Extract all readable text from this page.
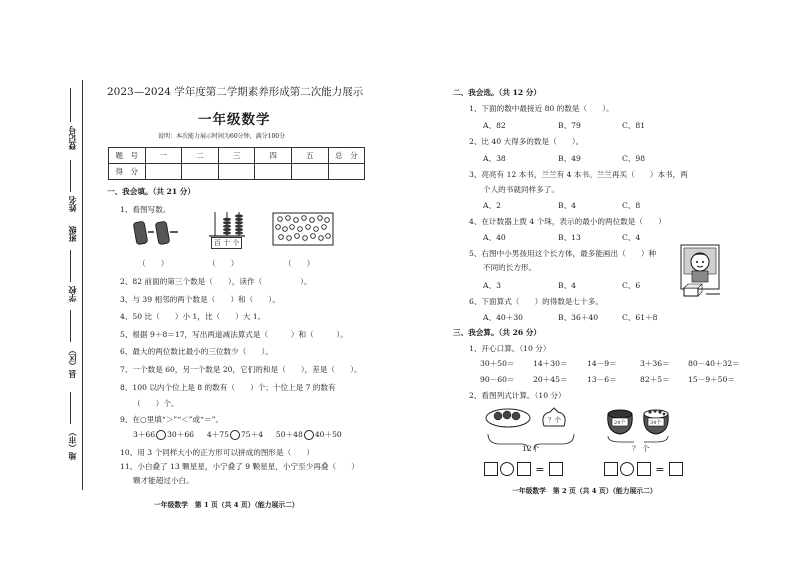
登记号
姓名
班级
学校
县（区）
地（市）
2023—2024 学年度第二学期素养形成第二次能力展示
一年级数学
说明：本次能力展示时间为60分钟，满分100分
题　号	一	二	三	四	五	总　分
得　分						
一、我会填。（共 21 分）
1、看图写数。
百 十 个
（　　）	（　　）	（　　）
2、82 前面的第三个数是（　　），读作（　　　　　）。
3、与 39 相邻的两个数是（　　）和（　　）。
4、50 比（　　）小 1，比（　　）大 1。
5、根据 9＋8＝17，写出两道减法算式是（　　　）和（　　　）。
6、最大的两位数比最小的三位数少（　　）。
7、一个数是 60，另一个数是 20，它们的和是（　　），差是（　　）。
8、100 以内个位上是 8 的数有（　　）个；十位上是 7 的数有
（　　）个。
9、在○里填“＞”“＜”或“＝”。
3＋66 30＋66 4＋75 75＋4 50＋48 40＋50
10、用 3 个同样大小的正方形可以拼成的图形是（　　）
11、小白叠了 13 颗星星，小宁叠了 9 颗星星，小宁至少再叠（　　）
颗才能超过小白。
一年级数学　第 1 页（共 4 页）（能力展示二）
二、我会选。（共 12 分）
1、下面的数中最接近 80 的数是（　　）。
A、82	B、79	C、81
2、比 40 大得多的数是（　　）。
A、38	B、49	C、98
3、亮亮有 12 本书，兰兰有 4 本书。兰兰再买（　　）本书，两
个人的书就同样多了。
A、2	B、4	C、8
4、在计数器上拨 4 个珠，表示的最小的两位数是（　　）
A、40	B、13	C、4
5、右图中小男孩用这个长方体，最多能画出（　　）种
不同的长方形。
A、3	B、4	C、6
6、下面算式（　　）的得数是七十多。
A、40＋30	B、36＋40	C、61＋8
三、我会算。（共 26 分）
1、开心口算。（10 分）
30＋50＝ 14＋30＝	14－9＝	3＋36＝ 80－40＋32＝
90－60＝ 20＋45＝	13－6＝	82＋5＝ 15－9＋50＝
2、看图列式计算。（10 分）
？个
12个
24个	34个
？ 个
=	=
一年级数学　第 2 页（共 4 页）（能力展示二）
